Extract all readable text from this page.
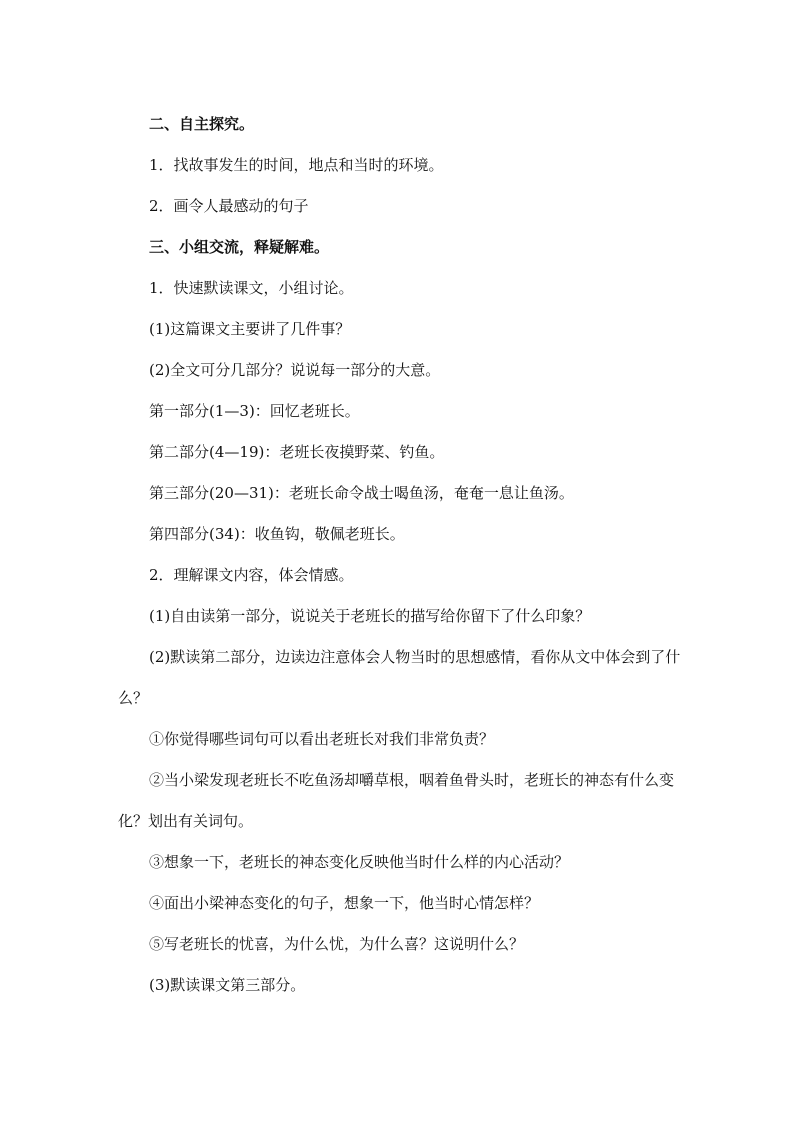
二、自主探究。

1．找故事发生的时间，地点和当时的环境。

2．画令人最感动的句子

三、小组交流，释疑解难。

1．快速默读课文，小组讨论。

(1)这篇课文主要讲了几件事？

(2)全文可分几部分？说说每一部分的大意。

第一部分(1—3)：回忆老班长。

第二部分(4—19)：老班长夜摸野菜、钓鱼。

第三部分(20—31)：老班长命令战士喝鱼汤，奄奄一息让鱼汤。

第四部分(34)：收鱼钩，敬佩老班长。

2．理解课文内容，体会情感。

(1)自由读第一部分，说说关于老班长的描写给你留下了什么印象？

(2)默读第二部分，边读边注意体会人物当时的思想感情，看你从文中体会到了什么？

①你觉得哪些词句可以看出老班长对我们非常负责？

②当小梁发现老班长不吃鱼汤却嚼草根，咽着鱼骨头时，老班长的神态有什么变化？划出有关词句。

③想象一下，老班长的神态变化反映他当时什么样的内心活动？

④面出小梁神态变化的句子，想象一下，他当时心情怎样？

⑤写老班长的忧喜，为什么忧，为什么喜？这说明什么？

(3)默读课文第三部分。
